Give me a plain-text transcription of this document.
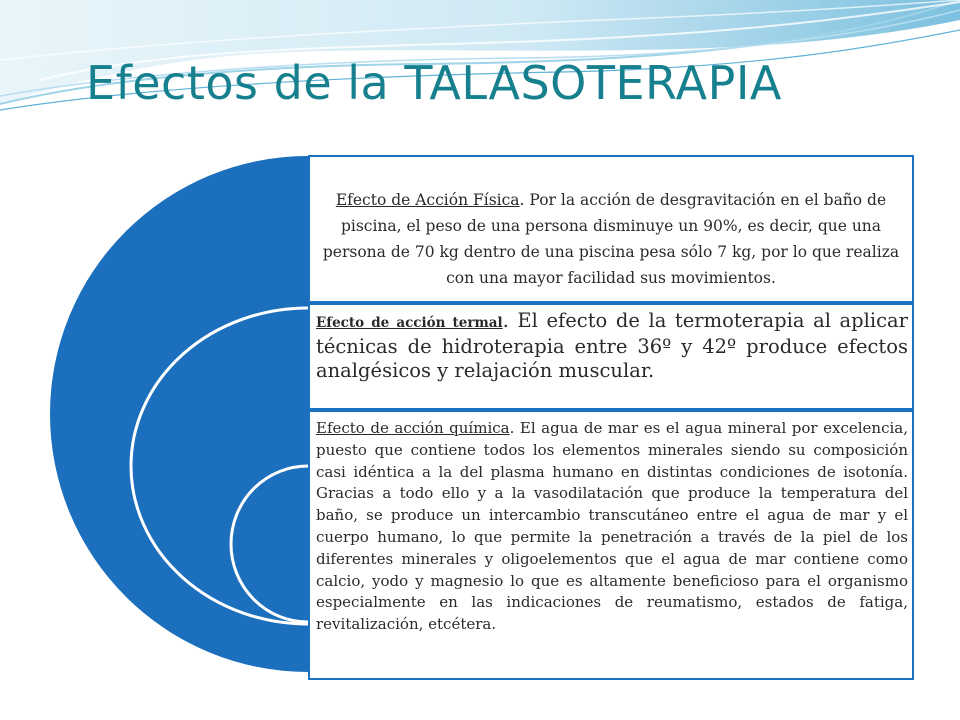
Efectos de la TALASOTERAPIA
Efecto de Acción Física. Por la acción de desgravitación en el baño de piscina, el peso de una persona disminuye un 90%, es decir, que una persona de 70 kg dentro de una piscina pesa sólo 7 kg, por lo que realiza con una mayor facilidad sus movimientos.
Efecto de acción termal. El efecto de la termoterapia al aplicar técnicas de hidroterapia entre 36º y 42º produce efectos analgésicos y relajación muscular.
Efecto de acción química. El agua de mar es el agua mineral por excelencia, puesto que contiene todos los elementos minerales siendo su composición casi idéntica a la del plasma humano en distintas condiciones de isotonía. Gracias a todo ello y a la vasodilatación que produce la temperatura del baño, se produce un intercambio transcutáneo entre el agua de mar y el cuerpo humano, lo que permite la penetración a través de la piel de los diferentes minerales y oligoelementos que el agua de mar contiene como calcio, yodo y magnesio lo que es altamente beneficioso para el organismo especialmente en las indicaciones de reumatismo, estados de fatiga, revitalización, etcétera.
